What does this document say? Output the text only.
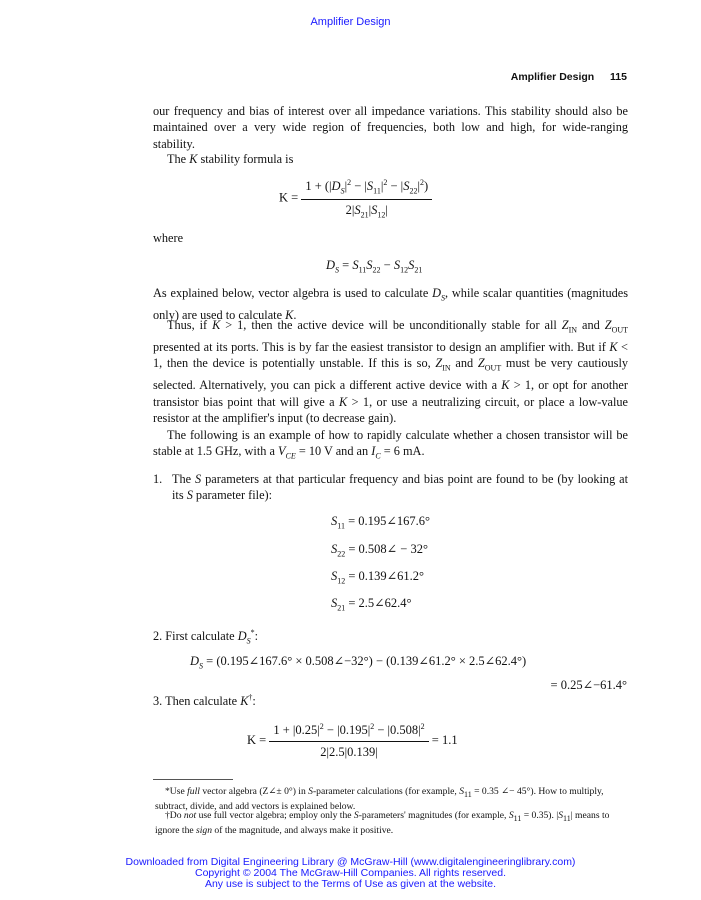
Amplifier Design
Amplifier Design 115
our frequency and bias of interest over all impedance variations. This stability should also be maintained over a very wide region of frequencies, both low and high, for wide-ranging stability.
The K stability formula is
$K = \frac{1 + (|D_S|^2 - |S_{11}|^2 - |S_{22}|^2)}{2|S_{21}|S_{12}|}$
where
$D_S = S_{11}S_{22} - S_{12}S_{21}$
As explained below, vector algebra is used to calculate $D_S$, while scalar quantities (magnitudes only) are used to calculate K.
Thus, if K > 1, then the active device will be unconditionally stable for all $Z_{IN}$ and $Z_{OUT}$ presented at its ports. This is by far the easiest transistor to design an amplifier with. But if K < 1, then the device is potentially unstable. If this is so, $Z_{IN}$ and $Z_{OUT}$ must be very cautiously selected. Alternatively, you can pick a different active device with a K > 1, or opt for another transistor bias point that will give a K > 1, or use a neutralizing circuit, or place a low-value resistor at the amplifier's input (to decrease gain).
The following is an example of how to rapidly calculate whether a chosen transistor will be stable at 1.5 GHz, with a $V_{CE} = 10$ V and an $I_C = 6$ mA.
1. The S parameters at that particular frequency and bias point are found to be (by looking at its S parameter file):
$S_{11}$ = 0.195∠167.6°
$S_{22}$ = 0.508∠ − 32°
$S_{12}$ = 0.139∠61.2°
$S_{21}$ = 2.5∠62.4°
2. First calculate $D_S^*$:
$D_S$ = (0.195∠167.6° × 0.508∠−32°) − (0.139∠61.2° × 2.5∠62.4°)
= 0.25∠−61.4°
3. Then calculate K†:
$K = \frac{1 + |0.25|^2 - |0.195|^2 - |0.508|^2}{2|2.5|0.139|} = 1.1$
*Use full vector algebra (Z∠± 0°) in S-parameter calculations (for example, $S_{11} = 0.35$ ∠− 45°). How to multiply, subtract, divide, and add vectors is explained below.
†Do not use full vector algebra; employ only the S-parameters' magnitudes (for example, $S_{11} = 0.35$). $|S_{11}|$ means to ignore the sign of the magnitude, and always make it positive.
Downloaded from Digital Engineering Library @ McGraw-Hill (www.digitalengineeringlibrary.com)
Copyright © 2004 The McGraw-Hill Companies. All rights reserved.
Any use is subject to the Terms of Use as given at the website.
